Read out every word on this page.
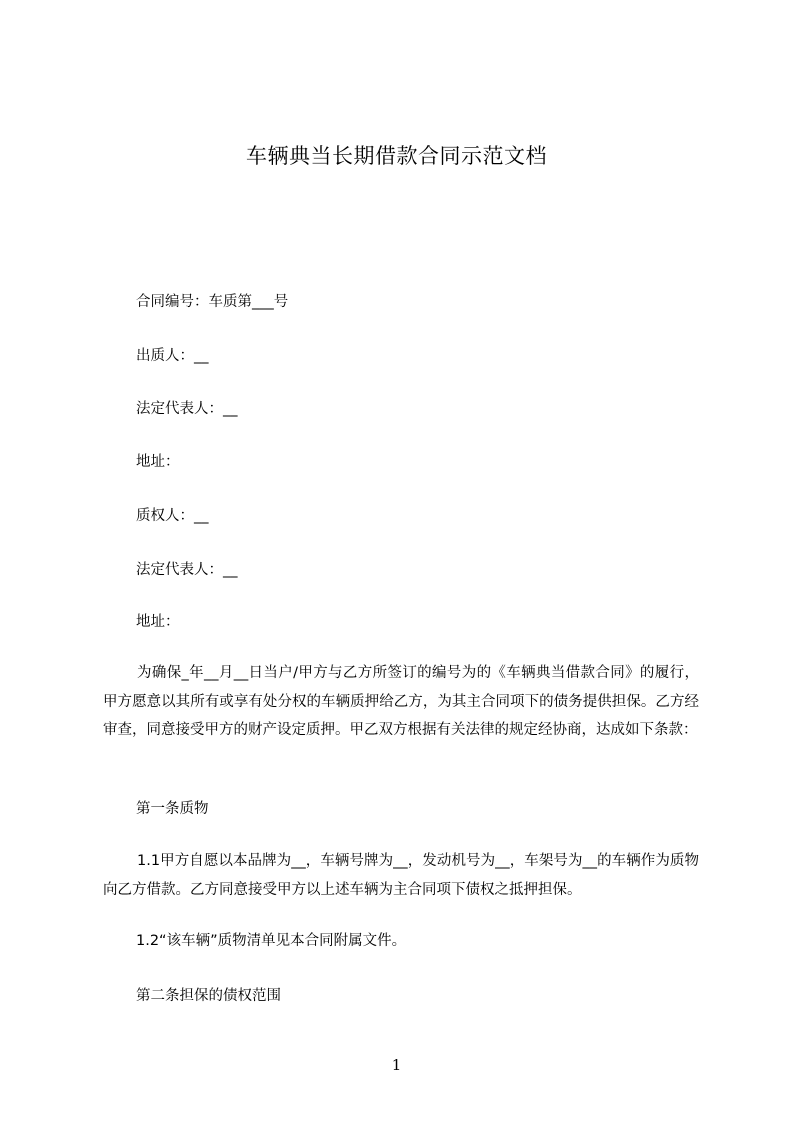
车辆典当长期借款合同示范文档
合同编号：车质第___号
出质人：__
法定代表人：__
地址：
质权人：__
法定代表人：__
地址：

为确保_年__月__日当户/甲方与乙方所签订的编号为的《车辆典当借款合同》的履行，甲方愿意以其所有或享有处分权的车辆质押给乙方，为其主合同项下的债务提供担保。乙方经审查，同意接受甲方的财产设定质押。甲乙双方根据有关法律的规定经协商，达成如下条款：

第一条质物

1.1甲方自愿以本品牌为__，车辆号牌为__，发动机号为__，车架号为__的车辆作为质物向乙方借款。乙方同意接受甲方以上述车辆为主合同项下债权之抵押担保。

1.2“该车辆”质物清单见本合同附属文件。
第二条担保的债权范围
1
